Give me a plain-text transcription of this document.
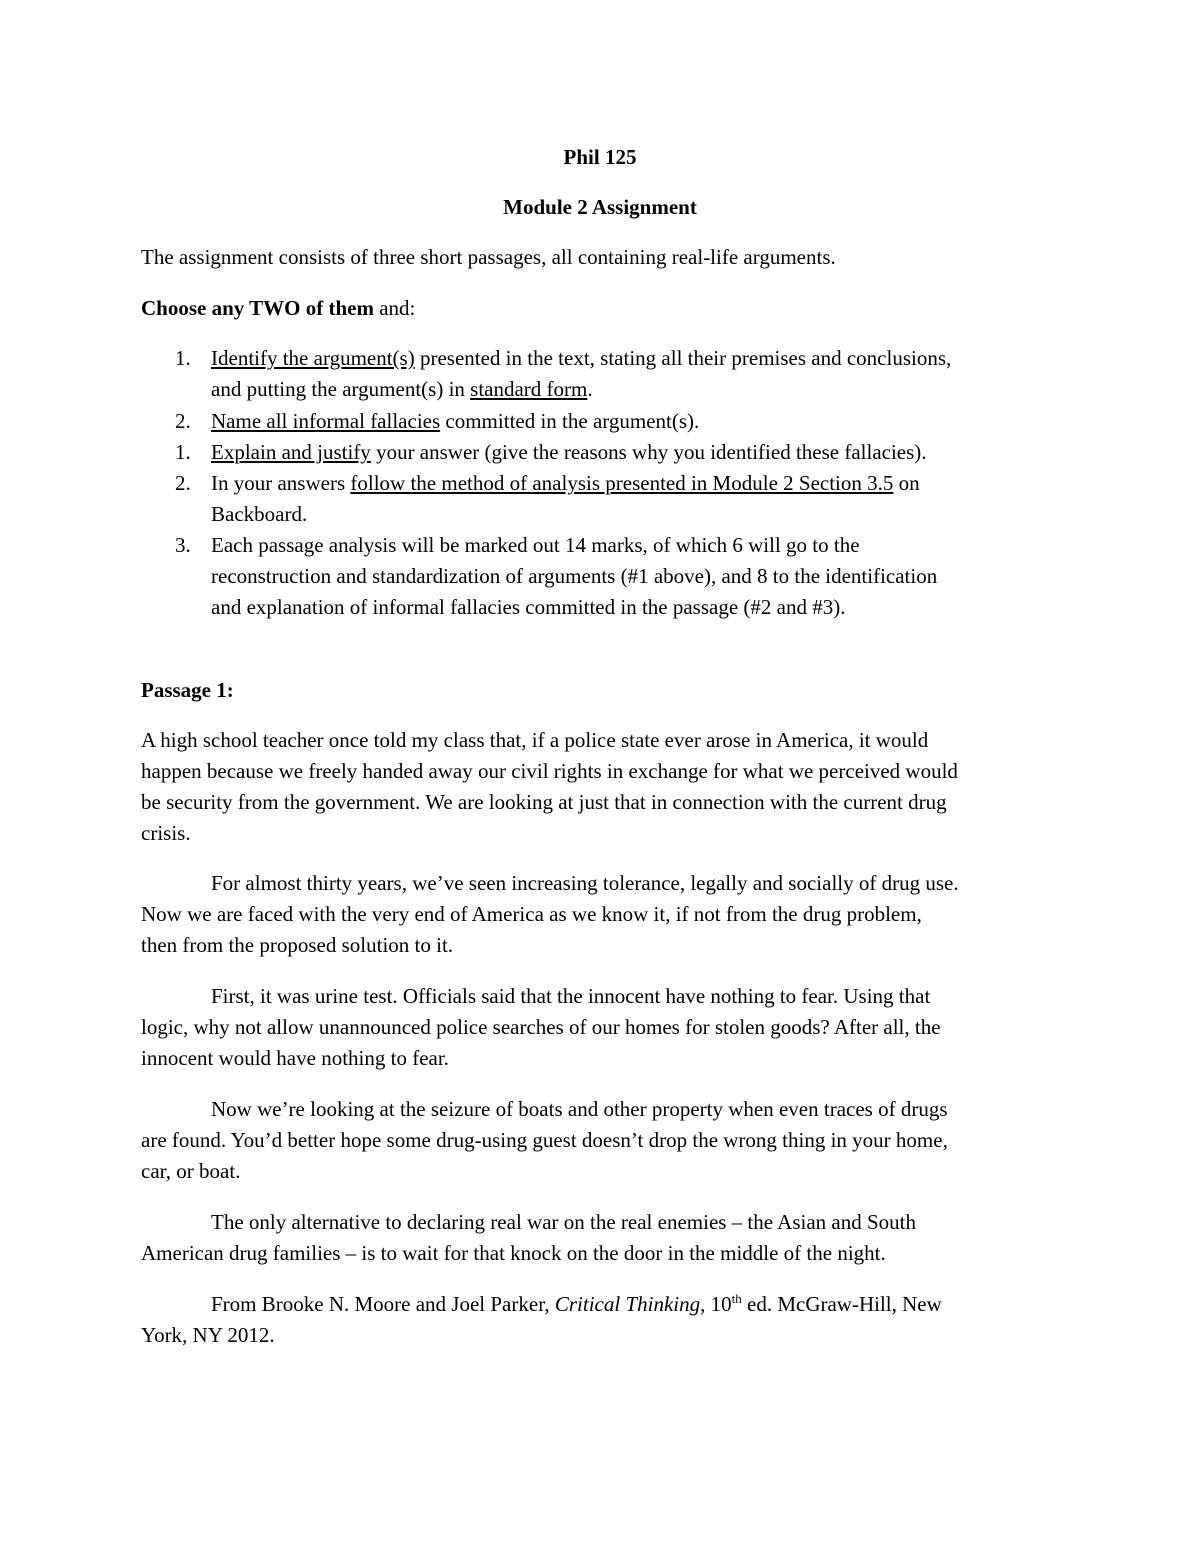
Phil 125
Module 2 Assignment
The assignment consists of three short passages, all containing real-life arguments.
Choose any TWO of them and:
1. Identify the argument(s) presented in the text, stating all their premises and conclusions,
and putting the argument(s) in standard form.
2. Name all informal fallacies committed in the argument(s).
1. Explain and justify your answer (give the reasons why you identified these fallacies).
2. In your answers follow the method of analysis presented in Module 2 Section 3.5 on
Backboard.
3. Each passage analysis will be marked out 14 marks, of which 6 will go to the
reconstruction and standardization of arguments (#1 above), and 8 to the identification
and explanation of informal fallacies committed in the passage (#2 and #3).
Passage 1:
A high school teacher once told my class that, if a police state ever arose in America, it would
happen because we freely handed away our civil rights in exchange for what we perceived would
be security from the government. We are looking at just that in connection with the current drug
crisis.
For almost thirty years, we’ve seen increasing tolerance, legally and socially of drug use.
Now we are faced with the very end of America as we know it, if not from the drug problem,
then from the proposed solution to it.
First, it was urine test. Officials said that the innocent have nothing to fear. Using that
logic, why not allow unannounced police searches of our homes for stolen goods? After all, the
innocent would have nothing to fear.
Now we’re looking at the seizure of boats and other property when even traces of drugs
are found. You’d better hope some drug-using guest doesn’t drop the wrong thing in your home,
car, or boat.
The only alternative to declaring real war on the real enemies – the Asian and South
American drug families – is to wait for that knock on the door in the middle of the night.
From Brooke N. Moore and Joel Parker, Critical Thinking, 10th ed. McGraw-Hill, New
York, NY 2012.
